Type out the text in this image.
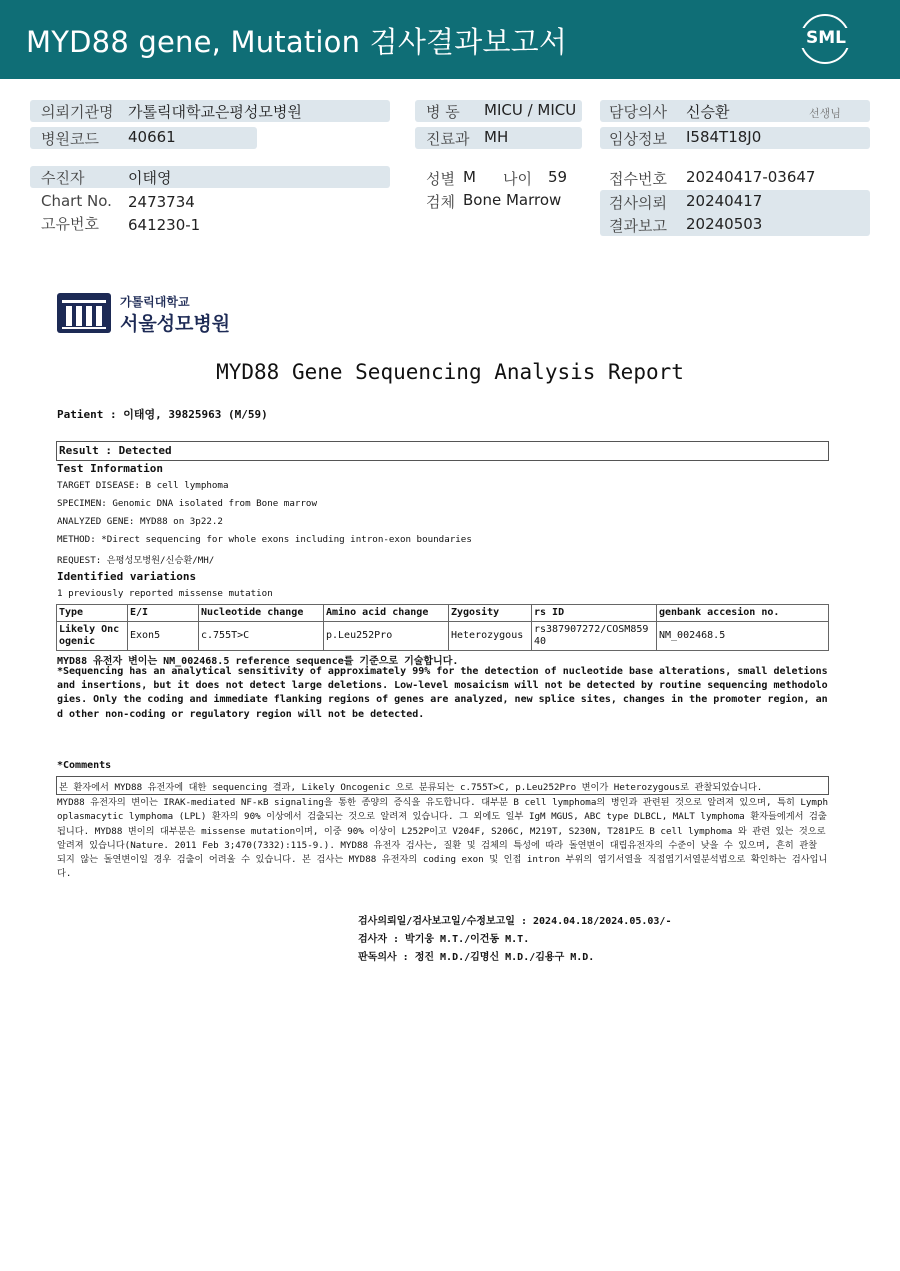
MYD88 gene, Mutation 검사결과보고서	SML
의뢰기관명 가톨릭대학교은평성모병원
병원코드 40661
병 동 MICU / MICU
진료과 MH
담당의사 신승환	선생님
임상정보 I584T18J0
수진자	이태영
Chart No. 2473734
고유번호 641230-1
성별 M 나이 59
검체 Bone Marrow
접수번호 20240417-03647
검사의뢰 20240417
결과보고 20240503
가톨릭대학교
서울성모병원
MYD88 Gene Sequencing Analysis Report
Patient : 이태영, 39825963 (M/59)
Result : Detected
Test Information
TARGET DISEASE: B cell lymphoma
SPECIMEN: Genomic DNA isolated from Bone marrow
ANALYZED GENE: MYD88 on 3p22.2
METHOD: *Direct sequencing for whole exons including intron-exon boundaries
REQUEST: 은평성모병원/신승환/MH/
Identified variations
1 previously reported missense mutation
Type	E/I	Nucleotide change	Amino acid change	Zygosity	rs ID	genbank accesion no.
Likely Oncogenic	Exon5	c.755T>C	p.Leu252Pro	Heterozygous	rs387907272/COSM85940	NM_002468.5
MYD88 유전자 변이는 NM_002468.5 reference sequence를 기준으로 기술합니다.
*Sequencing has an analytical sensitivity of approximately 99% for the detection of nucleotide base alterations, small deletions and insertions, but it does not detect large deletions. Low-level mosaicism will not be detected by routine sequencing methodologies. Only the coding and immediate flanking regions of genes are analyzed, new splice sites, changes in the promoter region, and other non-coding or regulatory region will not be detected.
*Comments
본 환자에서 MYD88 유전자에 대한 sequencing 결과, Likely Oncogenic 으로 분류되는 c.755T>C, p.Leu252Pro 변이가 Heterozygous로 관찰되었습니다.
MYD88 유전자의 변이는 IRAK-mediated NF-κB signaling을 통한 종양의 증식을 유도합니다. 대부분 B cell lymphoma의 병인과 관련된 것으로 알려져 있으며, 특히 Lymphoplasmacytic lymphoma (LPL) 환자의 90% 이상에서 검출되는 것으로 알려져 있습니다. 그 외에도 일부 IgM MGUS, ABC type DLBCL, MALT lymphoma 환자들에게서 검출됩니다. MYD88 변이의 대부분은 missense mutation이며, 이중 90% 이상이 L252P이고 V204F, S206C, M219T, S230N, T281P도 B cell lymphoma 와 관련 있는 것으로 알려져 있습니다(Nature. 2011 Feb 3;470(7332):115-9.). MYD88 유전자 검사는, 질환 및 검체의 특성에 따라 돌연변이 대립유전자의 수준이 낮을 수 있으며, 흔히 관찰 되지 않는 돌연변이일 경우 검출이 어려울 수 있습니다. 본 검사는 MYD88 유전자의 coding exon 및 인접 intron 부위의 염기서열을 직접염기서열분석법으로 확인하는 검사입니다.
검사의뢰일/검사보고일/수정보고일 : 2024.04.18/2024.05.03/-
검사자 : 박기웅 M.T./이건동 M.T.
판독의사 : 정진 M.D./김명신 M.D./김용구 M.D.
